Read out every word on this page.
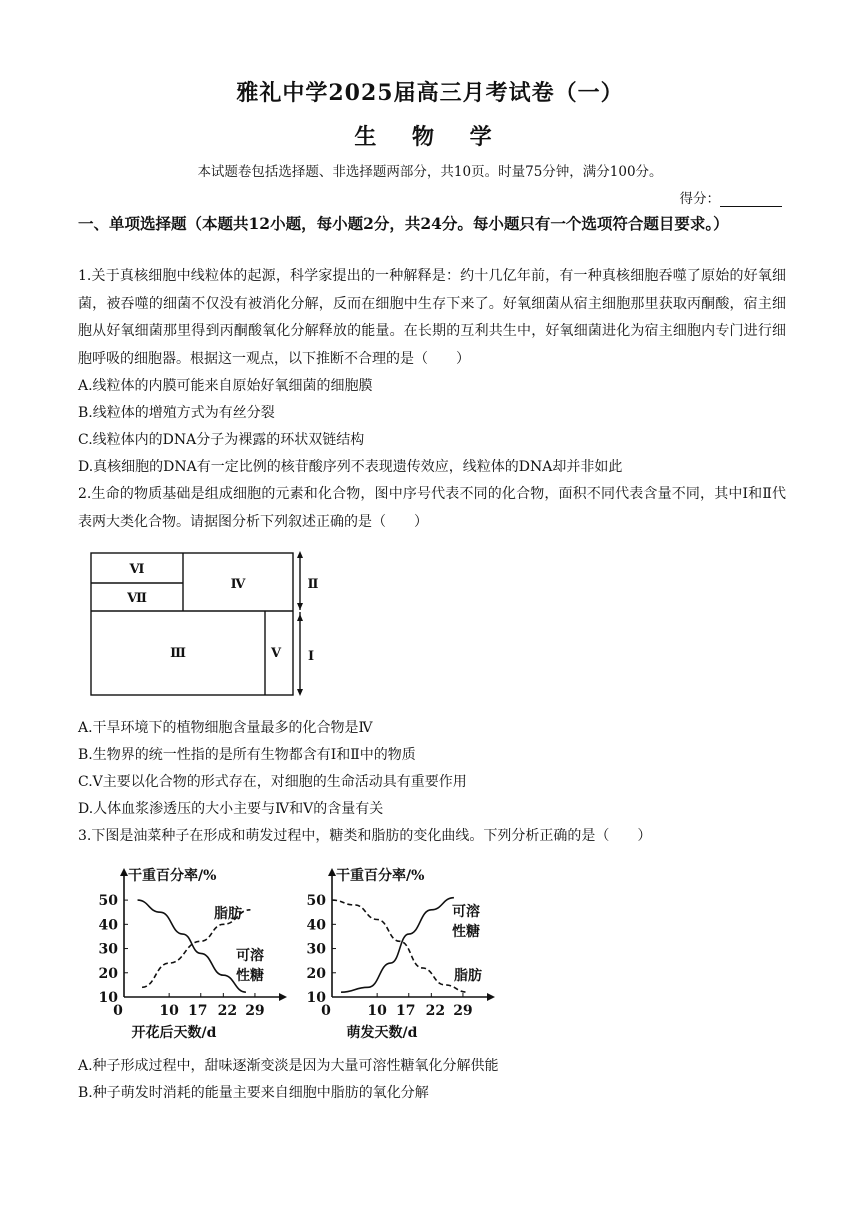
雅礼中学2025届高三月考试卷（一）
生 物 学
本试题卷包括选择题、非选择题两部分，共10页。时量75分钟，满分100分。
得分：
一、单项选择题（本题共12小题，每小题2分，共24分。每小题只有一个选项符合题目要求。）
1.关于真核细胞中线粒体的起源，科学家提出的一种解释是：约十几亿年前，有一种真核细胞吞噬了原始的好氧细菌，被吞噬的细菌不仅没有被消化分解，反而在细胞中生存下来了。好氧细菌从宿主细胞那里获取丙酮酸，宿主细胞从好氧细菌那里得到丙酮酸氧化分解释放的能量。在长期的互利共生中，好氧细菌进化为宿主细胞内专门进行细胞呼吸的细胞器。根据这一观点，以下推断不合理的是（　　）
A.线粒体的内膜可能来自原始好氧细菌的细胞膜
B.线粒体的增殖方式为有丝分裂
C.线粒体内的DNA分子为裸露的环状双链结构
D.真核细胞的DNA有一定比例的核苷酸序列不表现遗传效应，线粒体的DNA却并非如此
2.生命的物质基础是组成细胞的元素和化合物，图中序号代表不同的化合物，面积不同代表含量不同，其中Ⅰ和Ⅱ代表两大类化合物。请据图分析下列叙述正确的是（　　）
Ⅵ
Ⅶ
Ⅳ
Ⅲ	Ⅴ
Ⅱ
Ⅰ
A.干旱环境下的植物细胞含量最多的化合物是Ⅳ
B.生物界的统一性指的是所有生物都含有Ⅰ和Ⅱ中的物质
C.Ⅴ主要以化合物的形式存在，对细胞的生命活动具有重要作用
D.人体血浆渗透压的大小主要与Ⅳ和Ⅴ的含量有关
3.下图是油菜种子在形成和萌发过程中，糖类和脂肪的变化曲线。下列分析正确的是（　　）
干重百分率/%
开花后天数/d
10
20
30
40
50
0	10 17 22 29
脂肪
可溶
性糖
干重百分率/%
萌发天数/d
10
20
30
40
50
0	10 17 22 29
可溶
性糖
脂肪
A.种子形成过程中，甜味逐渐变淡是因为大量可溶性糖氧化分解供能
B.种子萌发时消耗的能量主要来自细胞中脂肪的氧化分解
